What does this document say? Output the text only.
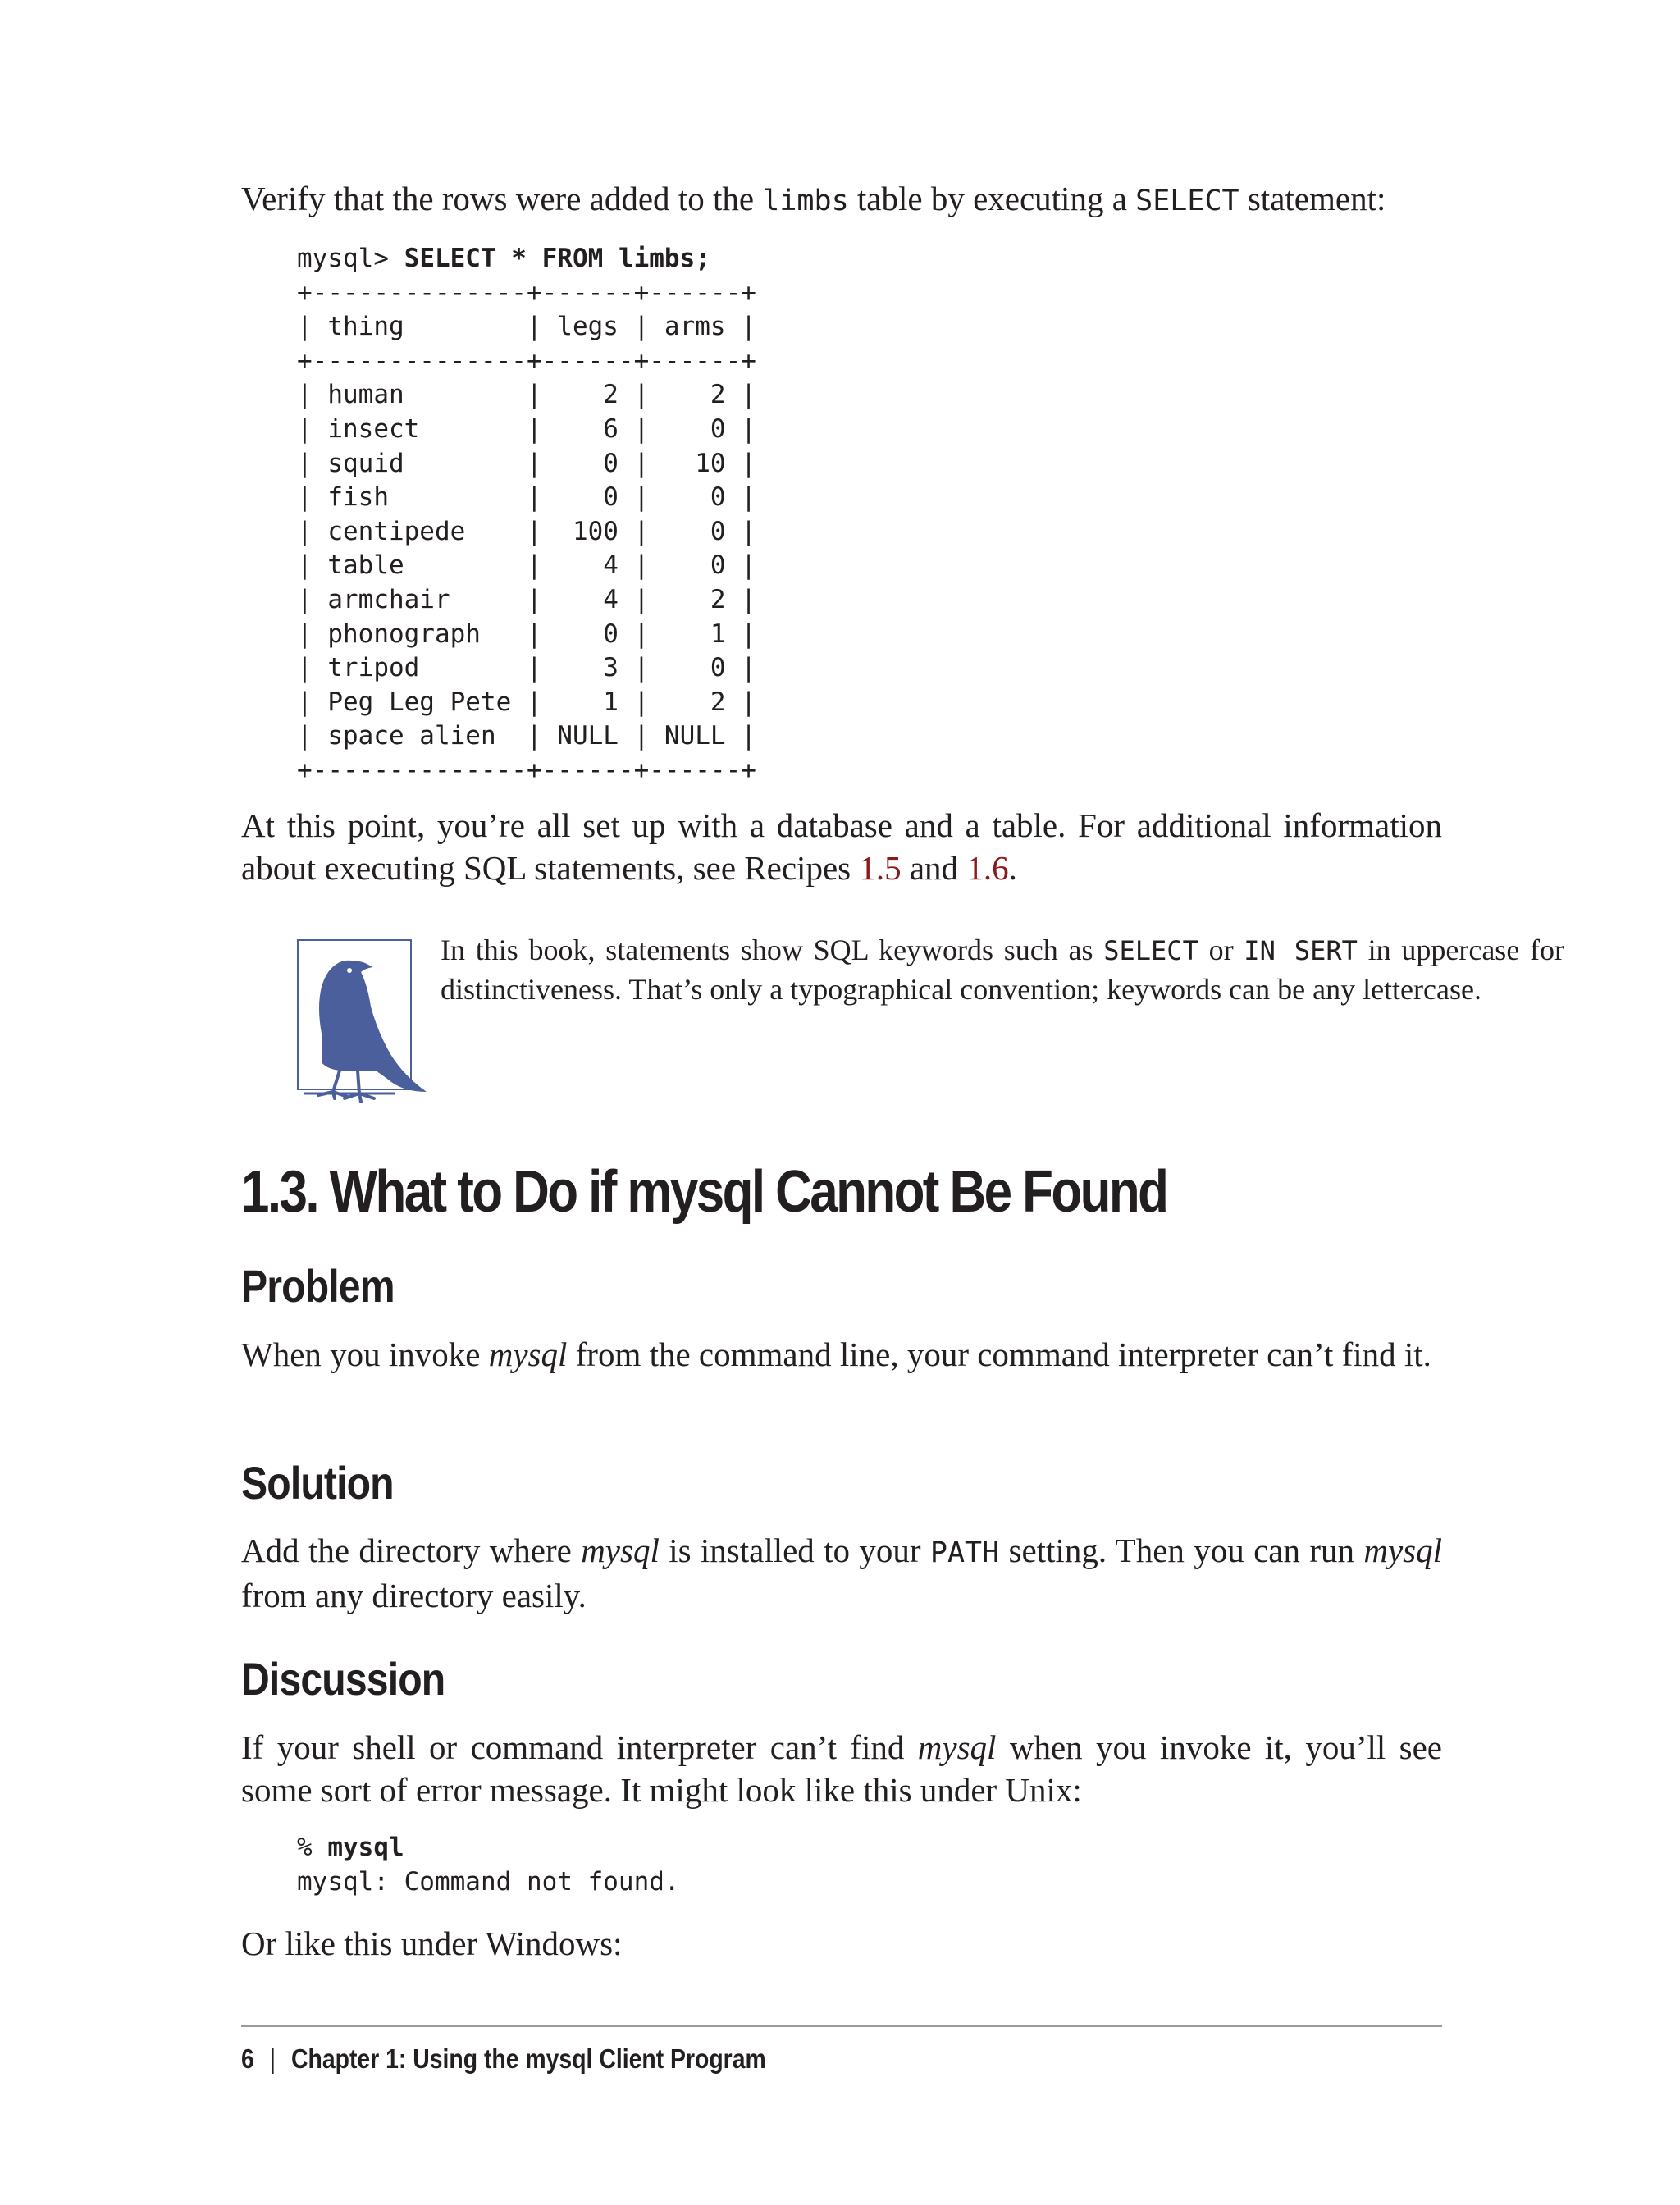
Verify that the rows were added to the limbs table by executing a SELECT statement:

mysql> SELECT * FROM limbs;
+--------------+------+------+
| thing        | legs | arms |
+--------------+------+------+
| human        |    2 |    2 |
| insect       |    6 |    0 |
| squid        |    0 |   10 |
| fish         |    0 |    0 |
| centipede    |  100 |    0 |
| table        |    4 |    0 |
| armchair     |    4 |    2 |
| phonograph   |    0 |    1 |
| tripod       |    3 |    0 |
| Peg Leg Pete |    1 |    2 |
| space alien  | NULL | NULL |
+--------------+------+------+

At this point, you’re all set up with a database and a table. For additional information about executing SQL statements, see Recipes 1.5 and 1.6.

In this book, statements show SQL keywords such as SELECT or IN SERT in uppercase for distinctiveness. That’s only a typographical convention; keywords can be any lettercase.

1.3. What to Do if mysql Cannot Be Found
Problem

When you invoke mysql from the command line, your command interpreter can’t find it.

Solution

Add the directory where mysql is installed to your PATH setting. Then you can run mysql from any directory easily.

Discussion

If your shell or command interpreter can’t find mysql when you invoke it, you’ll see some sort of error message. It might look like this under Unix:

% mysql
mysql: Command not found.

Or like this under Windows:

6 | Chapter 1: Using the mysql Client Program
